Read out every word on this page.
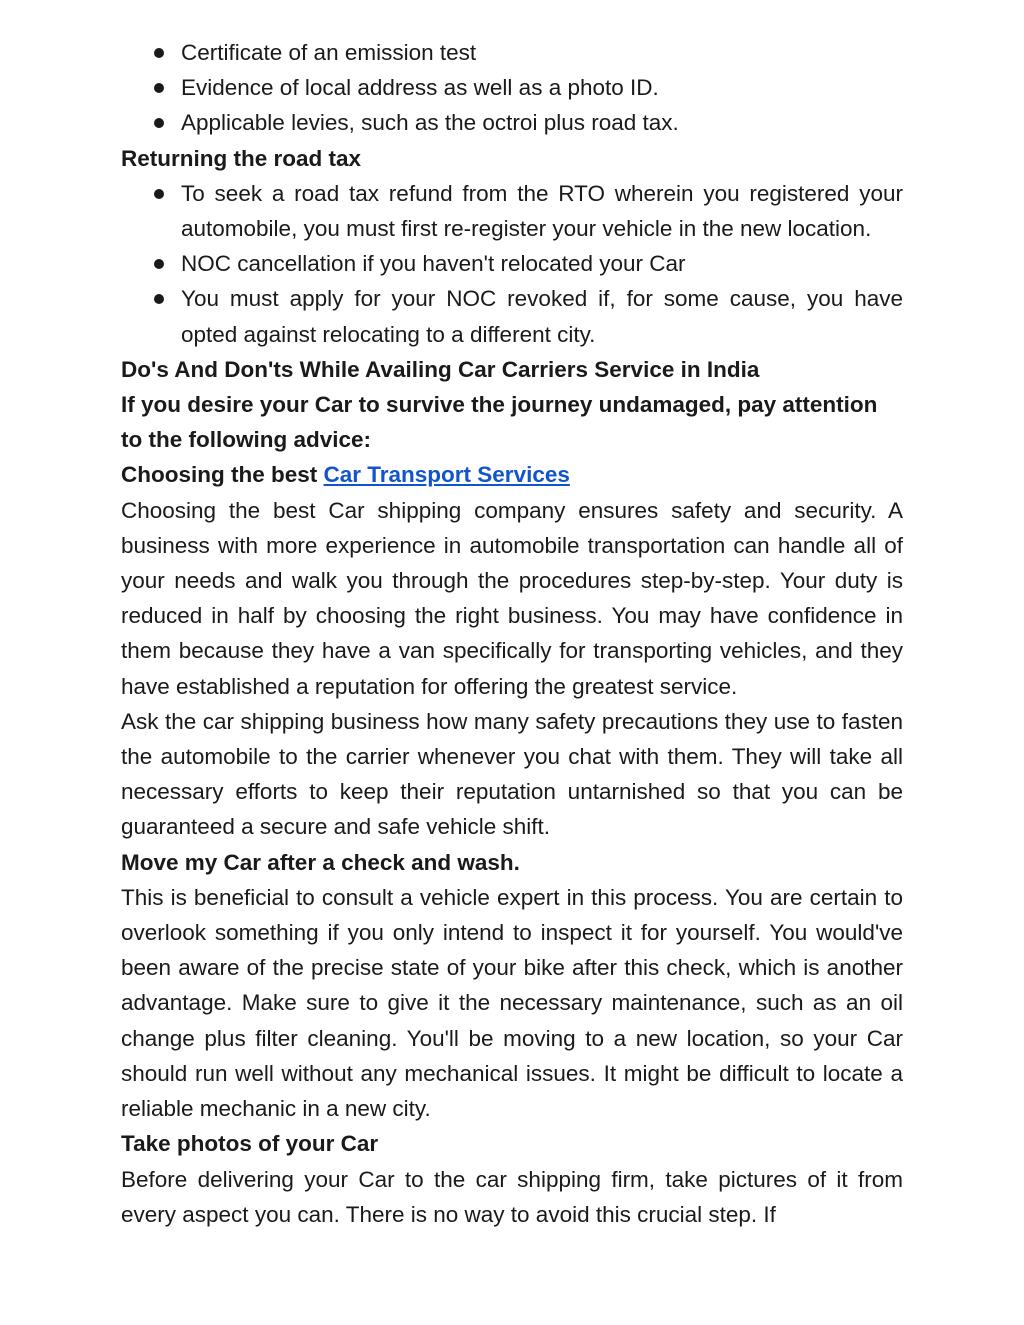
Certificate of an emission test
Evidence of local address as well as a photo ID.
Applicable levies, such as the octroi plus road tax.

Returning the road tax

To seek a road tax refund from the RTO wherein you registered your automobile, you must first re-register your vehicle in the new location.
NOC cancellation if you haven't relocated your Car
You must apply for your NOC revoked if, for some cause, you have opted against relocating to a different city.

Do's And Don'ts While Availing Car Carriers Service in India

If you desire your Car to survive the journey undamaged, pay attention to the following advice:

Choosing the best Car Transport Services

Choosing the best Car shipping company ensures safety and security. A business with more experience in automobile transportation can handle all of your needs and walk you through the procedures step-by-step. Your duty is reduced in half by choosing the right business. You may have confidence in them because they have a van specifically for transporting vehicles, and they have established a reputation for offering the greatest service.

Ask the car shipping business how many safety precautions they use to fasten the automobile to the carrier whenever you chat with them. They will take all necessary efforts to keep their reputation untarnished so that you can be guaranteed a secure and safe vehicle shift.

Move my Car after a check and wash.

This is beneficial to consult a vehicle expert in this process. You are certain to overlook something if you only intend to inspect it for yourself. You would've been aware of the precise state of your bike after this check, which is another advantage. Make sure to give it the necessary maintenance, such as an oil change plus filter cleaning. You'll be moving to a new location, so your Car should run well without any mechanical issues. It might be difficult to locate a reliable mechanic in a new city.

Take photos of your Car

Before delivering your Car to the car shipping firm, take pictures of it from every aspect you can. There is no way to avoid this crucial step. If
